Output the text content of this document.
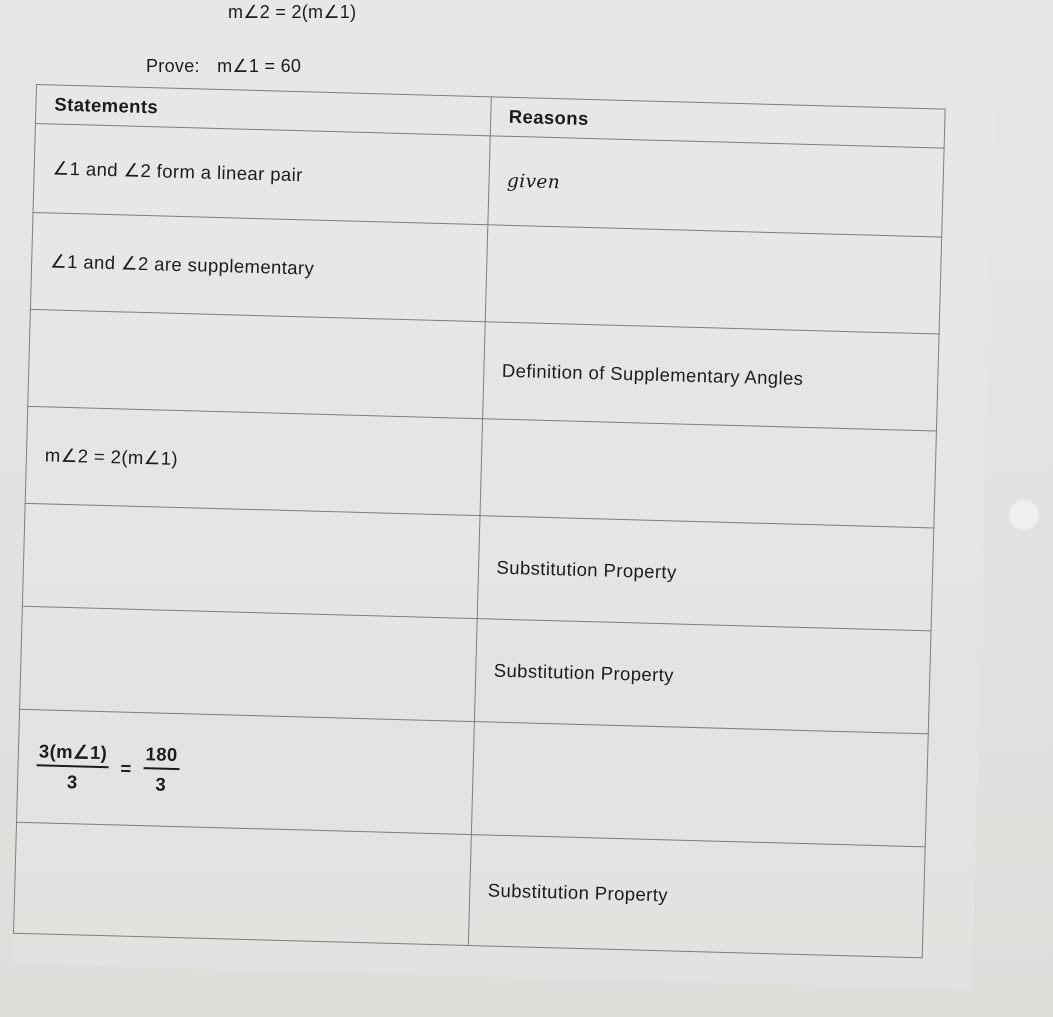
m∠2 = 2(m∠1)
Prove: m∠1 = 60
Statements	Reasons
∠1 and ∠2 form a linear pair	given
∠1 and ∠2 are supplementary	
	Definition of Supplementary Angles
m∠2 = 2(m∠1)	
	Substitution Property
	Substitution Property

$\frac{3(m\angle 1)}{3} = \frac{180}{3}$

	Substitution Property
